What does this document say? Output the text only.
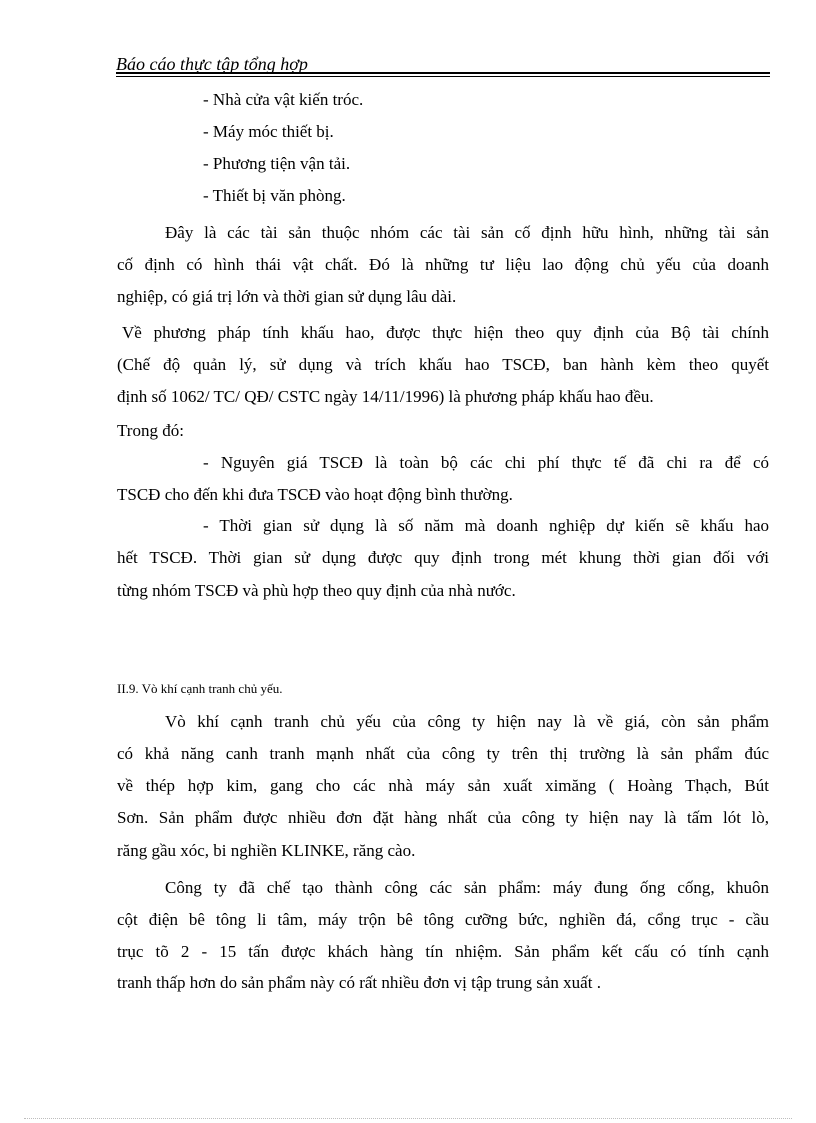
Báo cáo thực tập tổng hợp
- Nhà cửa vật kiến tróc.
- Máy móc thiết bị.
- Phương tiện vận tải.
- Thiết bị văn phòng.
Đây là các tài sản thuộc nhóm các tài sản cố định hữu hình, những tài sản
cố định có hình thái vật chất. Đó là những tư liệu lao động chủ yếu của doanh
nghiệp, có giá trị lớn và thời gian sử dụng lâu dài.
Về phương pháp tính khấu hao, được thực hiện theo quy định của Bộ tài chính
(Chế độ quản lý, sử dụng và trích khấu hao TSCĐ, ban hành kèm theo quyết
định số 1062/ TC/ QĐ/ CSTC ngày 14/11/1996) là phương pháp khấu hao đều.
Trong đó:
- Nguyên giá TSCĐ là toàn bộ các chi phí thực tế đã chi ra để có
TSCĐ cho đến khi đưa TSCĐ vào hoạt động bình thường.
- Thời gian sử dụng là số năm mà doanh nghiệp dự kiến sẽ khấu hao
hết TSCĐ. Thời gian sử dụng được quy định trong mét khung thời gian đối với
từng nhóm TSCĐ và phù hợp theo quy định của nhà nước.
II.9. Vò khí cạnh tranh chủ yếu.
Vò khí cạnh tranh chủ yếu của công ty hiện nay là về giá, còn sản phẩm
có khả năng canh tranh mạnh nhất của công ty trên thị trường là sản phẩm đúc
về thép hợp kim, gang cho các nhà máy sản xuất ximăng ( Hoàng Thạch, Bút
Sơn. Sản phẩm được nhiều đơn đặt hàng nhất của công ty hiện nay là tấm lót lò,
răng gầu xóc, bi nghiền KLINKE, răng cào.
Công ty đã chế tạo thành công các sản phẩm: máy đung ống cống, khuôn
cột điện bê tông li tâm, máy trộn bê tông cưỡng bức, nghiền đá, cổng trục - cầu
trục tõ 2 - 15 tấn được khách hàng tín nhiệm. Sản phẩm kết cấu có tính cạnh
tranh thấp hơn do sản phẩm này có rất nhiều đơn vị tập trung sản xuất .
